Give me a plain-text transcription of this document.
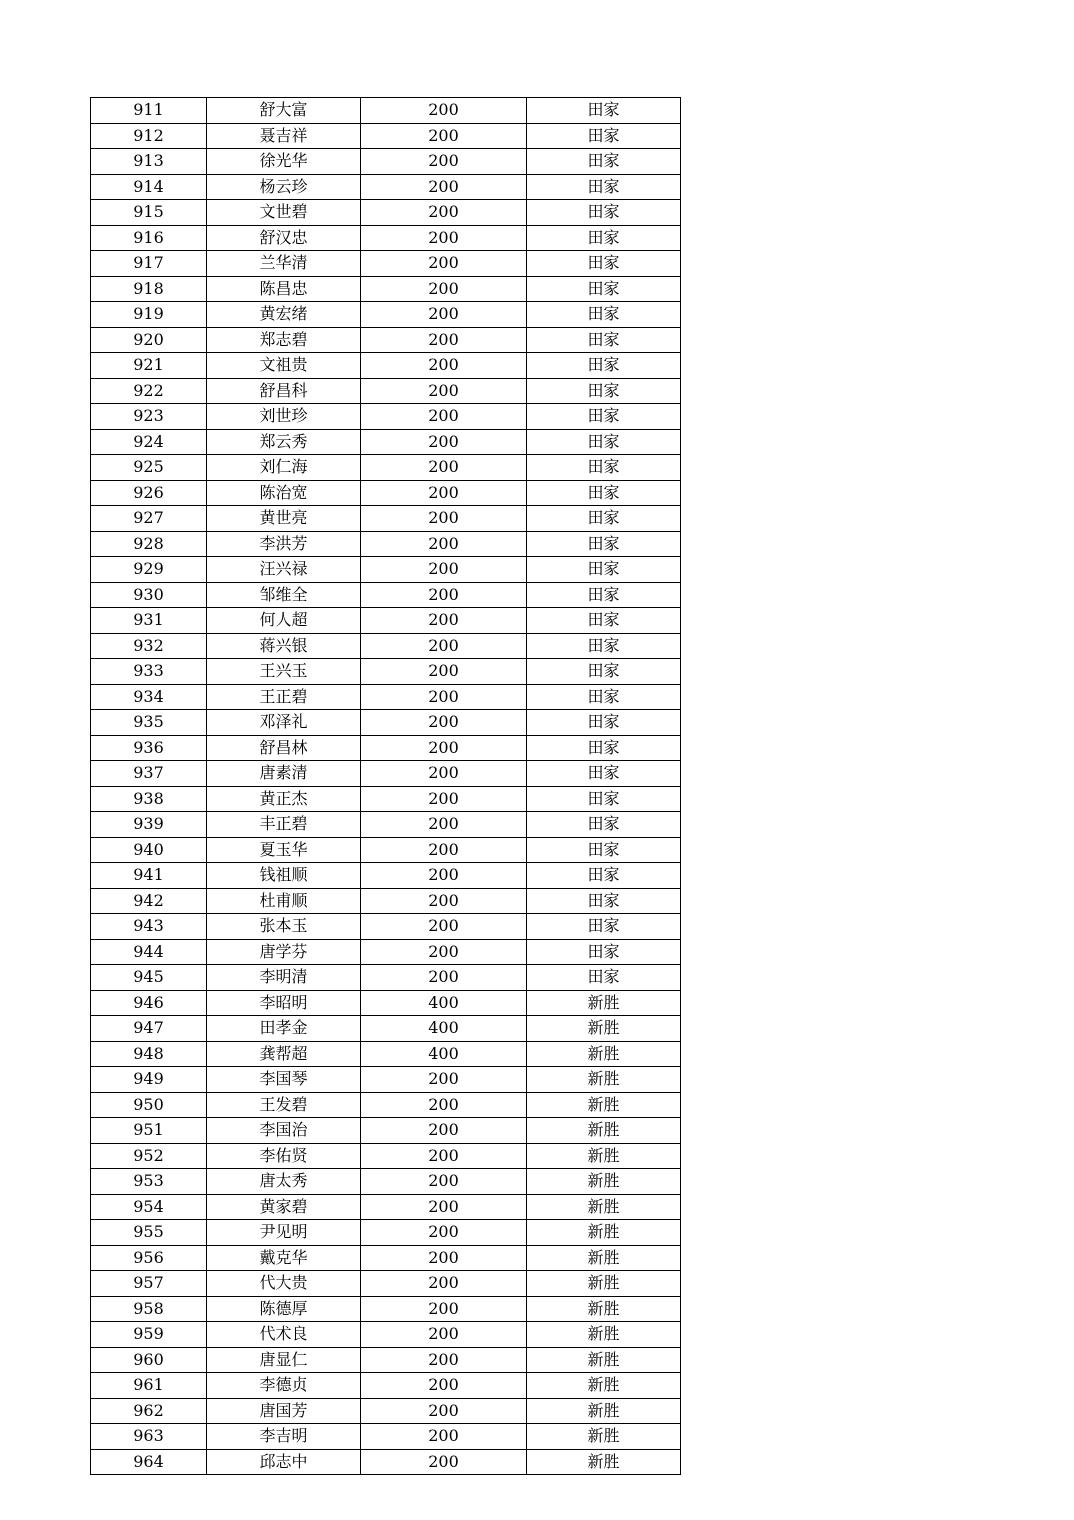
911	舒大富	200	田家
912	聂吉祥	200	田家
913	徐光华	200	田家
914	杨云珍	200	田家
915	文世碧	200	田家
916	舒汉忠	200	田家
917	兰华清	200	田家
918	陈昌忠	200	田家
919	黄宏绪	200	田家
920	郑志碧	200	田家
921	文祖贵	200	田家
922	舒昌科	200	田家
923	刘世珍	200	田家
924	郑云秀	200	田家
925	刘仁海	200	田家
926	陈治宽	200	田家
927	黄世亮	200	田家
928	李洪芳	200	田家
929	汪兴禄	200	田家
930	邹维全	200	田家
931	何人超	200	田家
932	蒋兴银	200	田家
933	王兴玉	200	田家
934	王正碧	200	田家
935	邓泽礼	200	田家
936	舒昌林	200	田家
937	唐素清	200	田家
938	黄正杰	200	田家
939	丰正碧	200	田家
940	夏玉华	200	田家
941	钱祖顺	200	田家
942	杜甫顺	200	田家
943	张本玉	200	田家
944	唐学芬	200	田家
945	李明清	200	田家
946	李昭明	400	新胜
947	田孝金	400	新胜
948	龚帮超	400	新胜
949	李国琴	200	新胜
950	王发碧	200	新胜
951	李国治	200	新胜
952	李佑贤	200	新胜
953	唐太秀	200	新胜
954	黄家碧	200	新胜
955	尹见明	200	新胜
956	戴克华	200	新胜
957	代大贵	200	新胜
958	陈德厚	200	新胜
959	代术良	200	新胜
960	唐显仁	200	新胜
961	李德贞	200	新胜
962	唐国芳	200	新胜
963	李吉明	200	新胜
964	邱志中	200	新胜
